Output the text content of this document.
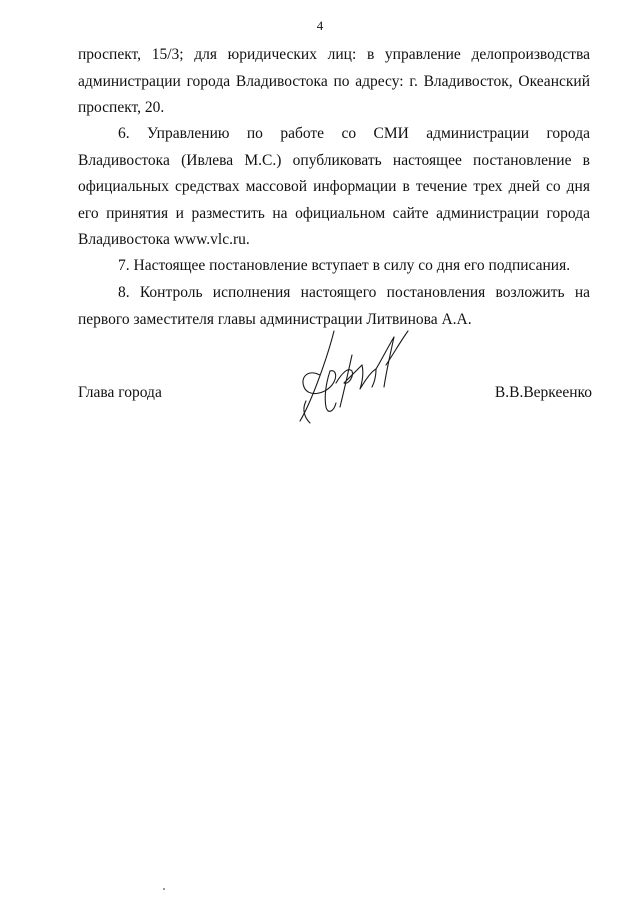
4

проспект, 15/3; для юридических лиц: в управление делопроизводства администрации города Владивостока по адресу: г. Владивосток, Океанский проспект, 20.

6. Управлению по работе со СМИ администрации города Владивостока (Ивлева М.С.) опубликовать настоящее постановление в официальных средствах массовой информации в течение трех дней со дня его принятия и разместить на официальном сайте администрации города Владивостока www.vlc.ru.

7. Настоящее постановление вступает в силу со дня его подписания.

8. Контроль исполнения настоящего постановления возложить на первого заместителя главы администрации Литвинова А.А.

Глава города	В.В.Веркеенко
